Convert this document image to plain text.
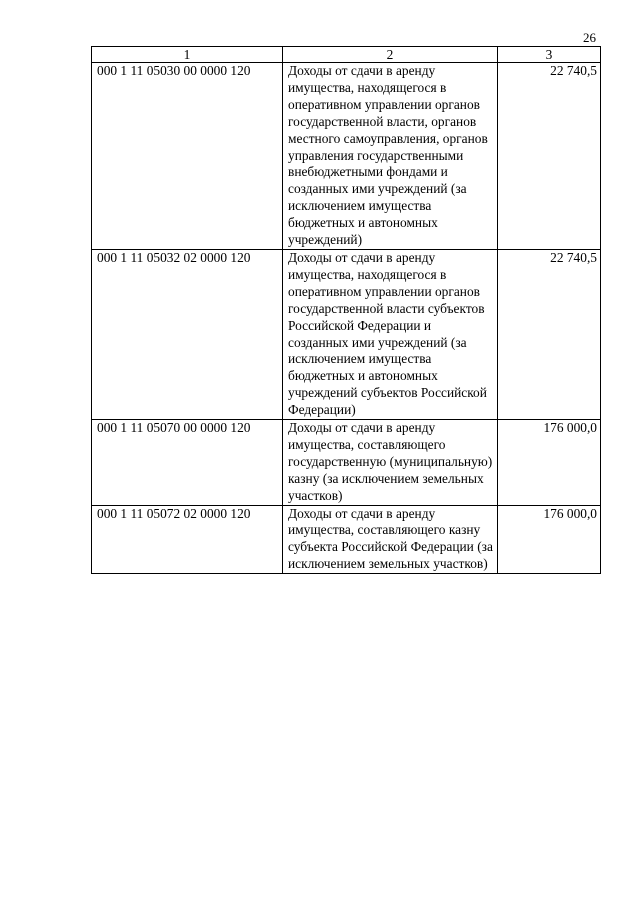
26
1	2	3
000 1 11 05030 00 0000 120	Доходы от сдачи в аренду имущества, находящегося в оперативном управлении органов государственной власти, органов местного самоуправления, органов управления государственными внебюджетными фондами и созданных ими учреждений (за исключением имущества бюджетных и автономных учреждений)	22 740,5
000 1 11 05032 02 0000 120	Доходы от сдачи в аренду имущества, находящегося в оперативном управлении органов государственной власти субъектов Российской Федерации и созданных ими учреждений (за исключением имущества бюджетных и автономных учреждений субъектов Российской Федерации)	22 740,5
000 1 11 05070 00 0000 120	Доходы от сдачи в аренду имущества, составляющего государственную (муниципальную) казну (за исключением земельных участков)	176 000,0
000 1 11 05072 02 0000 120	Доходы от сдачи в аренду имущества, составляющего казну субъекта Российской Федерации (за исключением земельных участков)	176 000,0
